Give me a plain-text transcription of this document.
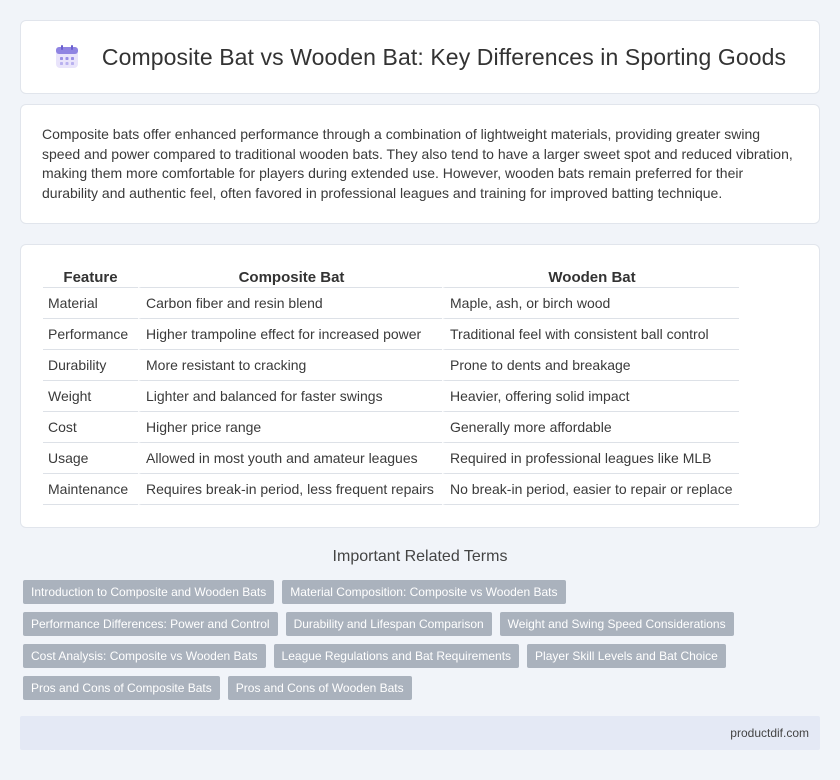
Composite Bat vs Wooden Bat: Key Differences in Sporting Goods

Composite bats offer enhanced performance through a combination of lightweight materials, providing greater swing speed and power compared to traditional wooden bats. They also tend to have a larger sweet spot and reduced vibration, making them more comfortable for players during extended use. However, wooden bats remain preferred for their durability and authentic feel, often favored in professional leagues and training for improved batting technique.

Feature	Composite Bat	Wooden Bat
Material	Carbon fiber and resin blend	Maple, ash, or birch wood
Performance	Higher trampoline effect for increased power	Traditional feel with consistent ball control
Durability	More resistant to cracking	Prone to dents and breakage
Weight	Lighter and balanced for faster swings	Heavier, offering solid impact
Cost	Higher price range	Generally more affordable
Usage	Allowed in most youth and amateur leagues	Required in professional leagues like MLB
Maintenance	Requires break-in period, less frequent repairs	No break-in period, easier to repair or replace
Important Related Terms
Introduction to Composite and Wooden Bats	Material Composition: Composite vs Wooden Bats
Performance Differences: Power and Control	Durability and Lifespan Comparison	Weight and Swing Speed Considerations
Cost Analysis: Composite vs Wooden Bats	League Regulations and Bat Requirements	Player Skill Levels and Bat Choice
Pros and Cons of Composite Bats	Pros and Cons of Wooden Bats
productdif.com
